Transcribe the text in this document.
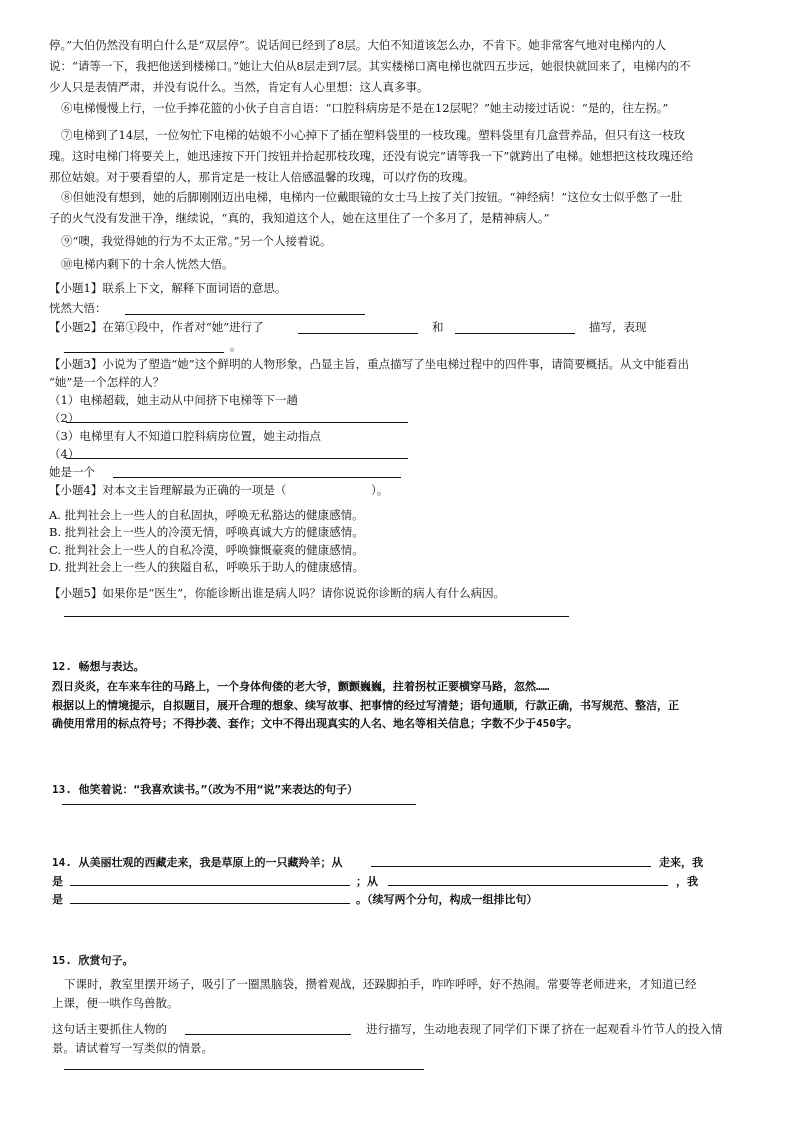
停。”大伯仍然没有明白什么是“双层停”。说话间已经到了8层。大伯不知道该怎么办，不肯下。她非常客气地对电梯内的人
说：“请等一下，我把他送到楼梯口。”她让大伯从8层走到7层。其实楼梯口离电梯也就四五步远，她很快就回来了，电梯内的不
少人只是表情严肃，并没有说什么。当然，肯定有人心里想：这人真多事。
⑥电梯慢慢上行，一位手捧花篮的小伙子自言自语：“口腔科病房是不是在12层呢？”她主动接过话说：“是的，往左拐。”
⑦电梯到了14层，一位匆忙下电梯的姑娘不小心掉下了插在塑料袋里的一枝玫瑰。塑料袋里有几盒营养品，但只有这一枝玫
瑰。这时电梯门将要关上，她迅速按下开门按钮并拾起那枝玫瑰，还没有说完“请等我一下”就跨出了电梯。她想把这枝玫瑰还给
那位姑娘。对于要看望的人，那肯定是一枝让人倍感温馨的玫瑰，可以疗伤的玫瑰。
⑧但她没有想到，她的后脚刚刚迈出电梯，电梯内一位戴眼镜的女士马上按了关门按钮。“神经病！”这位女士似乎憋了一肚
子的火气没有发泄干净，继续说，“真的，我知道这个人，她在这里住了一个多月了，是精神病人。”
⑨“噢，我觉得她的行为不太正常。”另一个人接着说。
⑩电梯内剩下的十余人恍然大悟。
【小题1】联系上下文，解释下面词语的意思。
恍然大悟：
【小题2】在第①段中，作者对“她”进行了	和	描写，表现
。
【小题3】小说为了塑造“她”这个鲜明的人物形象，凸显主旨，重点描写了坐电梯过程中的四件事，请简要概括。从文中能看出
“她”是一个怎样的人？
（1）电梯超载，她主动从中间挤下电梯等下一趟
（2）
（3）电梯里有人不知道口腔科病房位置，她主动指点
（4）
她是一个
【小题4】对本文主旨理解最为正确的一项是（	）。
A. 批判社会上一些人的自私固执，呼唤无私豁达的健康感情。
B. 批判社会上一些人的冷漠无情，呼唤真诚大方的健康感情。
C. 批判社会上一些人的自私冷漠，呼唤慷慨豪爽的健康感情。
D. 批判社会上一些人的狭隘自私，呼唤乐于助人的健康感情。
【小题5】如果你是“医生”，你能诊断出谁是病人吗？请你说说你诊断的病人有什么病因。
12. 畅想与表达。
烈日炎炎，在车来车往的马路上，一个身体佝偻的老大爷，颤颤巍巍，拄着拐杖正要横穿马路，忽然……
根据以上的情境提示，自拟题目，展开合理的想象、续写故事、把事情的经过写清楚；语句通顺，行款正确，书写规范、整洁，正
确使用常用的标点符号；不得抄袭、套作；文中不得出现真实的人名、地名等相关信息；字数不少于450字。
13. 他笑着说：“我喜欢读书。”（改为不用“说”来表达的句子）
14. 从美丽壮观的西藏走来，我是草原上的一只藏羚羊；从	走来，我
是	；从	，我
是	。（续写两个分句，构成一组排比句）
15. 欣赏句子。
下课时，教室里摆开场子，吸引了一圈黑脑袋，攒着观战，还跺脚拍手，咋咋呼呼，好不热闹。常要等老师进来，才知道已经
上课，便一哄作鸟兽散。
这句话主要抓住人物的	进行描写，生动地表现了同学们下课了挤在一起观看斗竹节人的投入情
景。请试着写一写类似的情景。
